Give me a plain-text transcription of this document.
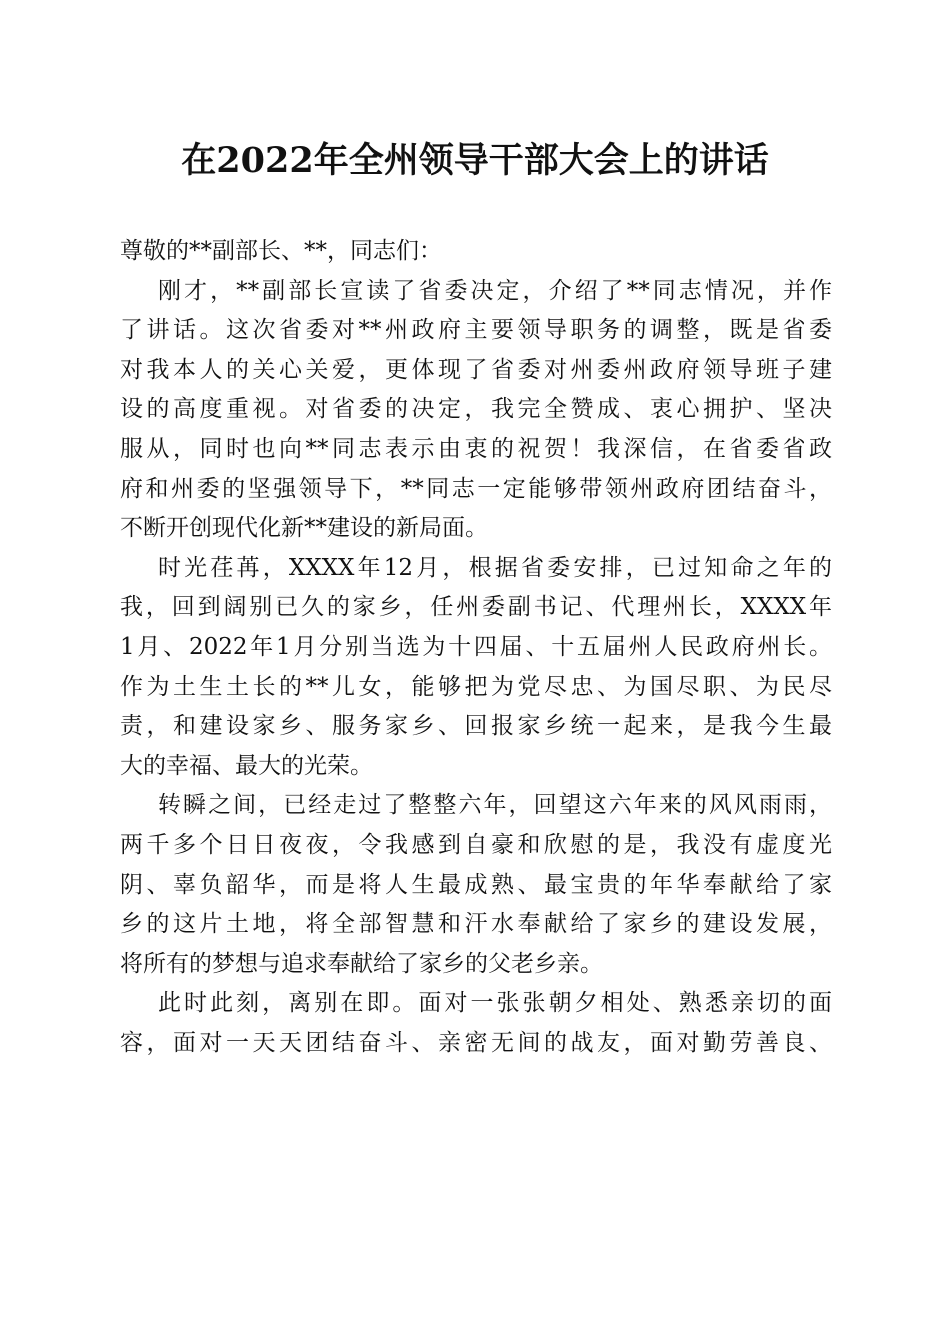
在2022年全州领导干部大会上的讲话

尊敬的**副部长、**，同志们：

刚才，**副部长宣读了省委决定，介绍了**同志情况，并作

了讲话。这次省委对**州政府主要领导职务的调整，既是省委

对我本人的关心关爱，更体现了省委对州委州政府领导班子建

设的高度重视。对省委的决定，我完全赞成、衷心拥护、坚决

服从，同时也向**同志表示由衷的祝贺！我深信，在省委省政

府和州委的坚强领导下，**同志一定能够带领州政府团结奋斗，

不断开创现代化新**建设的新局面。

时光荏苒，XXXX年12月，根据省委安排，已过知命之年的

我，回到阔别已久的家乡，任州委副书记、代理州长，XXXX年

1月、2022年1月分别当选为十四届、十五届州人民政府州长。

作为土生土长的**儿女，能够把为党尽忠、为国尽职、为民尽

责，和建设家乡、服务家乡、回报家乡统一起来，是我今生最

大的幸福、最大的光荣。

转瞬之间，已经走过了整整六年，回望这六年来的风风雨雨，

两千多个日日夜夜，令我感到自豪和欣慰的是，我没有虚度光

阴、辜负韶华，而是将人生最成熟、最宝贵的年华奉献给了家

乡的这片土地，将全部智慧和汗水奉献给了家乡的建设发展，

将所有的梦想与追求奉献给了家乡的父老乡亲。

此时此刻，离别在即。面对一张张朝夕相处、熟悉亲切的面

容，面对一天天团结奋斗、亲密无间的战友，面对勤劳善良、
